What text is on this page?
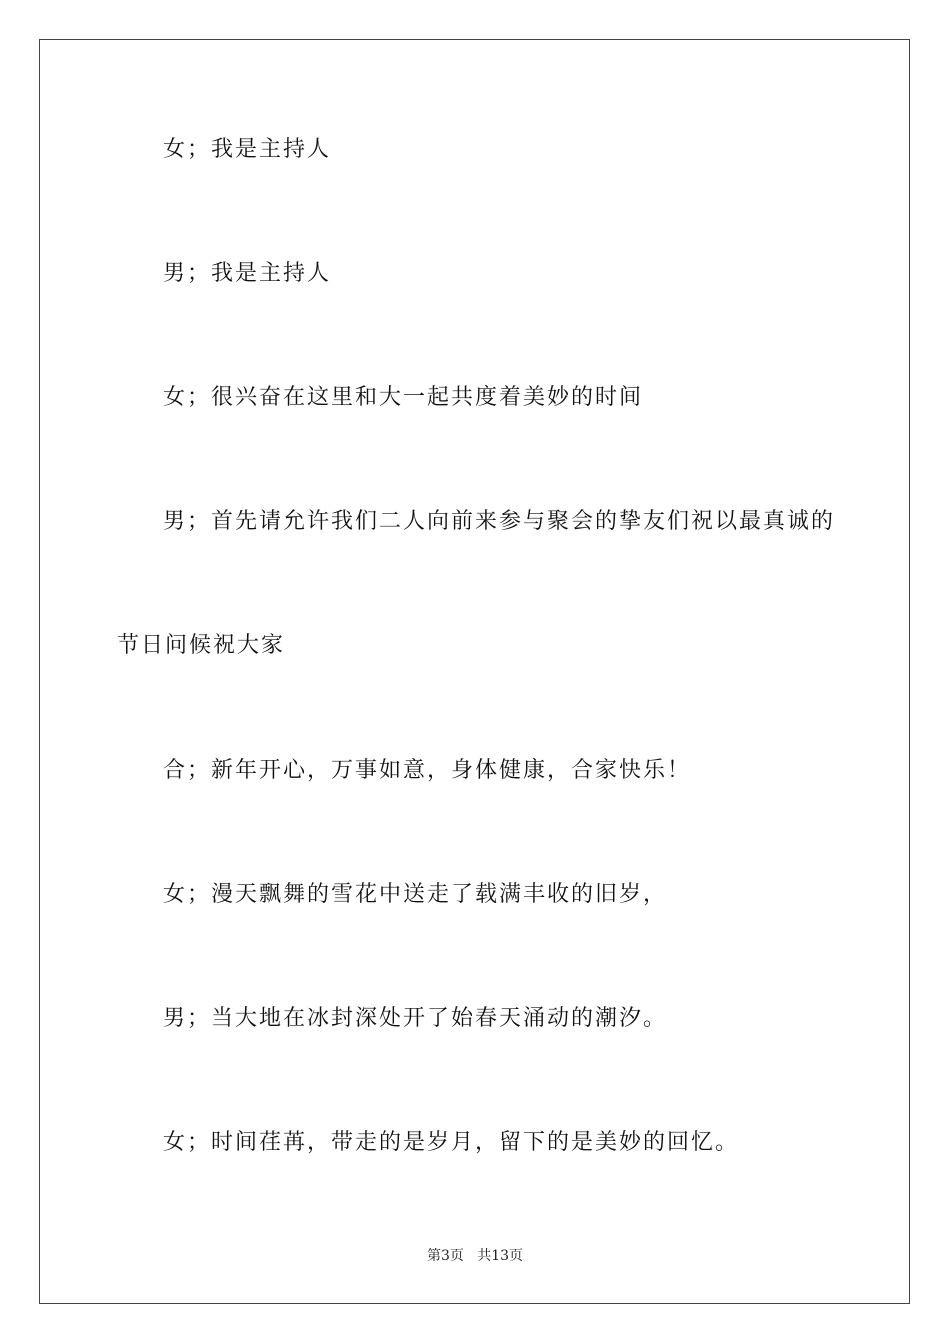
女；我是主持人
男；我是主持人
女；很兴奋在这里和大一起共度着美妙的时间
男；首先请允许我们二人向前来参与聚会的挚友们祝以最真诚的
节日问候祝大家
合；新年开心，万事如意，身体健康，合家快乐！
女；漫天飘舞的雪花中送走了载满丰收的旧岁，
男；当大地在冰封深处开了始春天涌动的潮汐。
女；时间荏苒，带走的是岁月，留下的是美妙的回忆。
第3页   共13页
